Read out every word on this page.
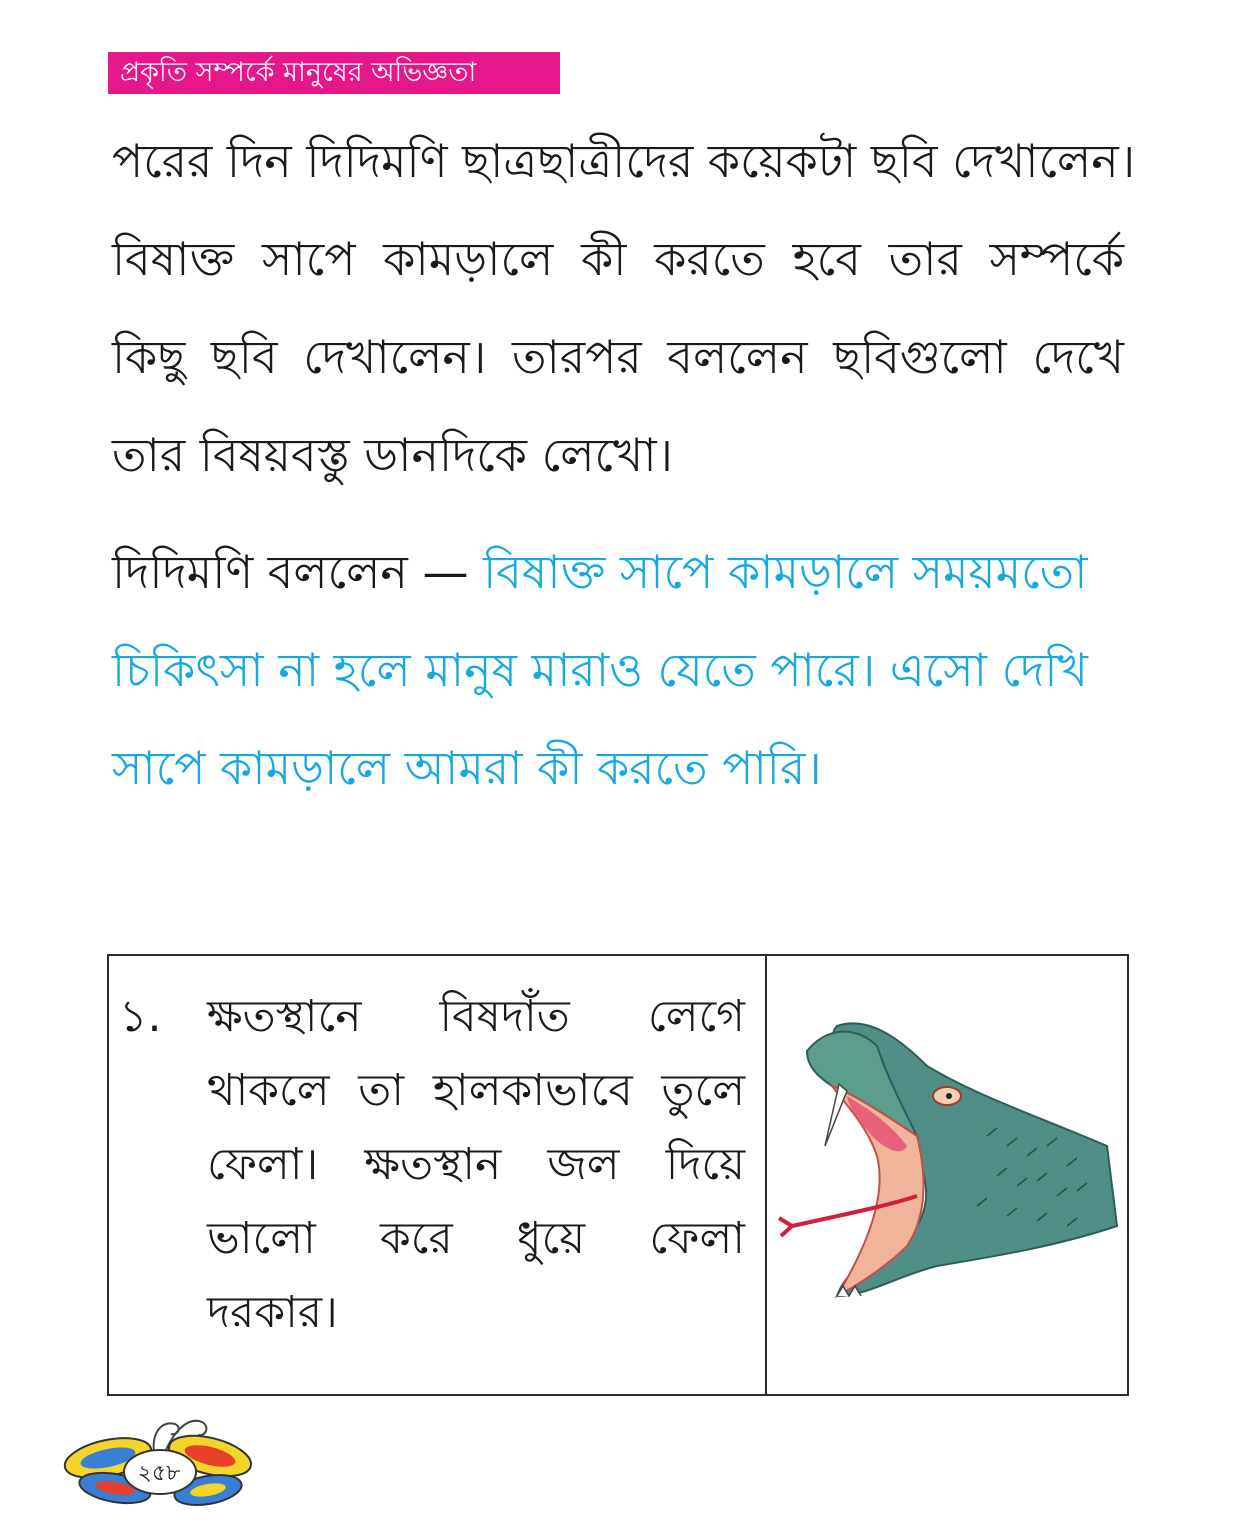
প্রকৃতি সম্পর্কে মানুষের অভিজ্ঞতা

পরের দিন দিদিমণি ছাত্রছাত্রীদের কয়েকটা ছবি দেখালেন।
বিষাক্ত সাপে কামড়ালে কী করতে হবে তার সম্পর্কে
কিছু ছবি দেখালেন। তারপর বললেন ছবিগুলো দেখে
তার বিষয়বস্তু ডানদিকে লেখো।

দিদিমণি বললেন — বিষাক্ত সাপে কামড়ালে সময়মতো
চিকিৎসা না হলে মানুষ মারাও যেতে পারে। এসো দেখি
সাপে কামড়ালে আমরা কী করতে পারি।

১. ক্ষতস্থানে বিষদাঁত লেগে
থাকলে তা হালকাভাবে তুলে
ফেলা। ক্ষতস্থান জল দিয়ে
ভালো করে ধুয়ে ফেলা
দরকার।

২৫৮
